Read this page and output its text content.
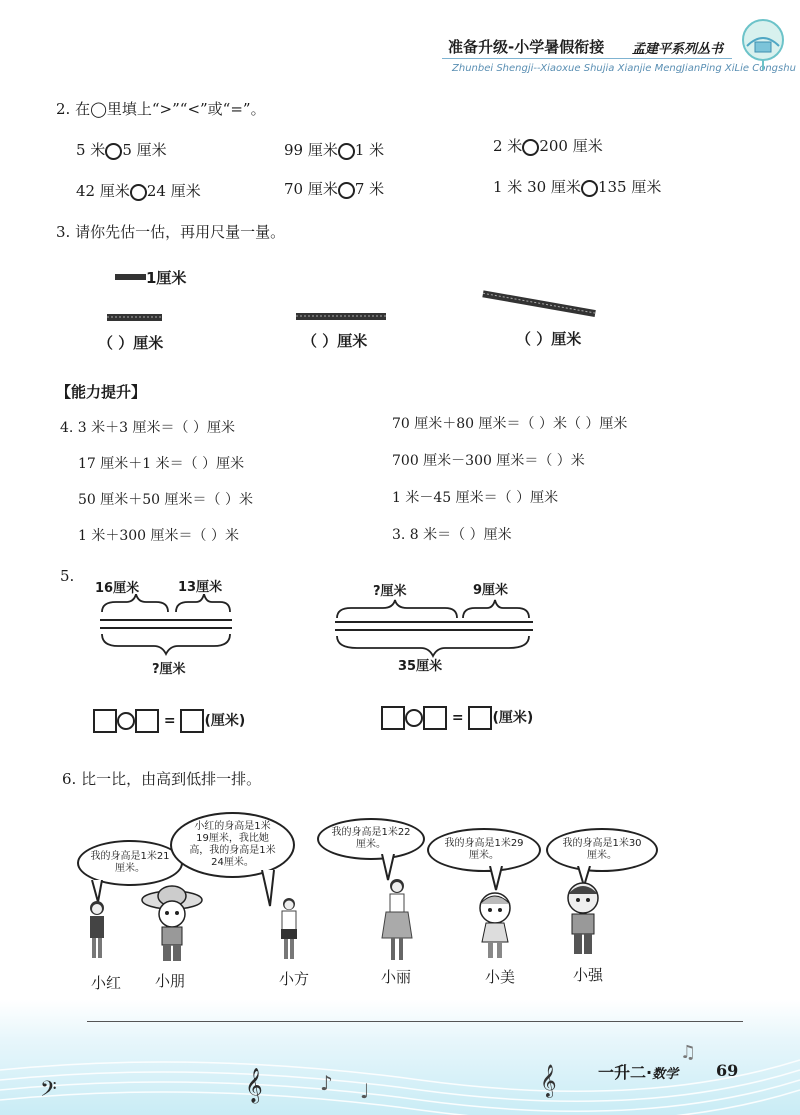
准备升级-小学暑假衔接 孟建平系列丛书
Zhunbei Shengji--Xiaoxue Shujia Xianjie MengJianPing XiLie Congshu
2. 在◯里填上“>”“<”或“=”。
5 米 5 厘米	99 厘米 1 米	2 米 200 厘米
42 厘米 24 厘米	70 厘米 7 米	1 米 30 厘米 135 厘米
3. 请你先估一估，再用尺量一量。
1厘米
（ ）厘米	（ ）厘米	（ ）厘米
【能力提升】
4. 3 米＋3 厘米＝（ ）厘米
17 厘米＋1 米＝（ ）厘米
50 厘米＋50 厘米＝（ ）米
1 米＋300 厘米＝（ ）米
70 厘米＋80 厘米＝（ ）米（ ）厘米
700 厘米－300 厘米＝（ ）米
1 米－45 厘米＝（ ）厘米
3. 8 米＝（ ）厘米
5.
16厘米	13厘米
?厘米
?厘米	9厘米
35厘米
= (厘米)	= (厘米)
6. 比一比，由高到低排一排。
我的身高是1米21厘米。
小红的身高是1米19厘米，我比她高，我的身高是1米24厘米。
我的身高是1米22厘米。	我的身高是1米29厘米。
我的身高是1米30厘米。
小红 小朋	小方	小丽	小美	小强
𝄢	𝄞	♪ ♩	𝄞
♫
一升二·数学 69
